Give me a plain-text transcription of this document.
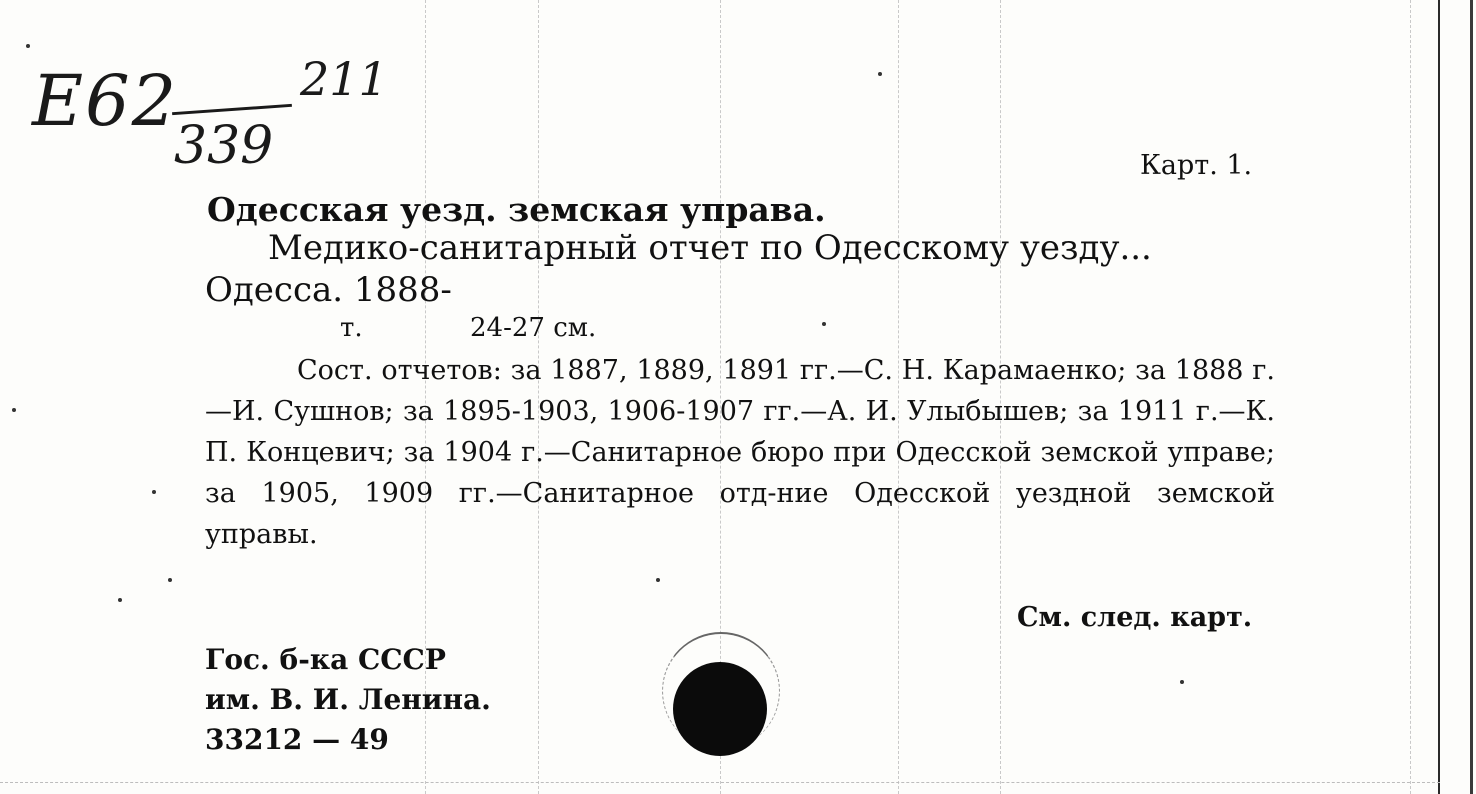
E62	211
339	Карт. 1.
Одесская уезд. земская управа.
Медико-санитарный отчет по Одесскому уезду...
Одесса. 1888-
т.	24-27 см.
Сост. отчетов: за 1887, 1889, 1891 гг.—С. Н. Карамаенко; за 1888 г.—И. Сушнов; за 1895-1903, 1906-1907 гг.—А. И. Улыбышев; за 1911 г.—К. П. Концевич; за 1904 г.—Санитарное бюро при Одесской земской управе; за 1905, 1909 гг.—Санитарное отд-ние Одесской уездной земской управы.
См. след. карт.
Гос. б-ка СССР
им. В. И. Ленина.
33212 — 49
